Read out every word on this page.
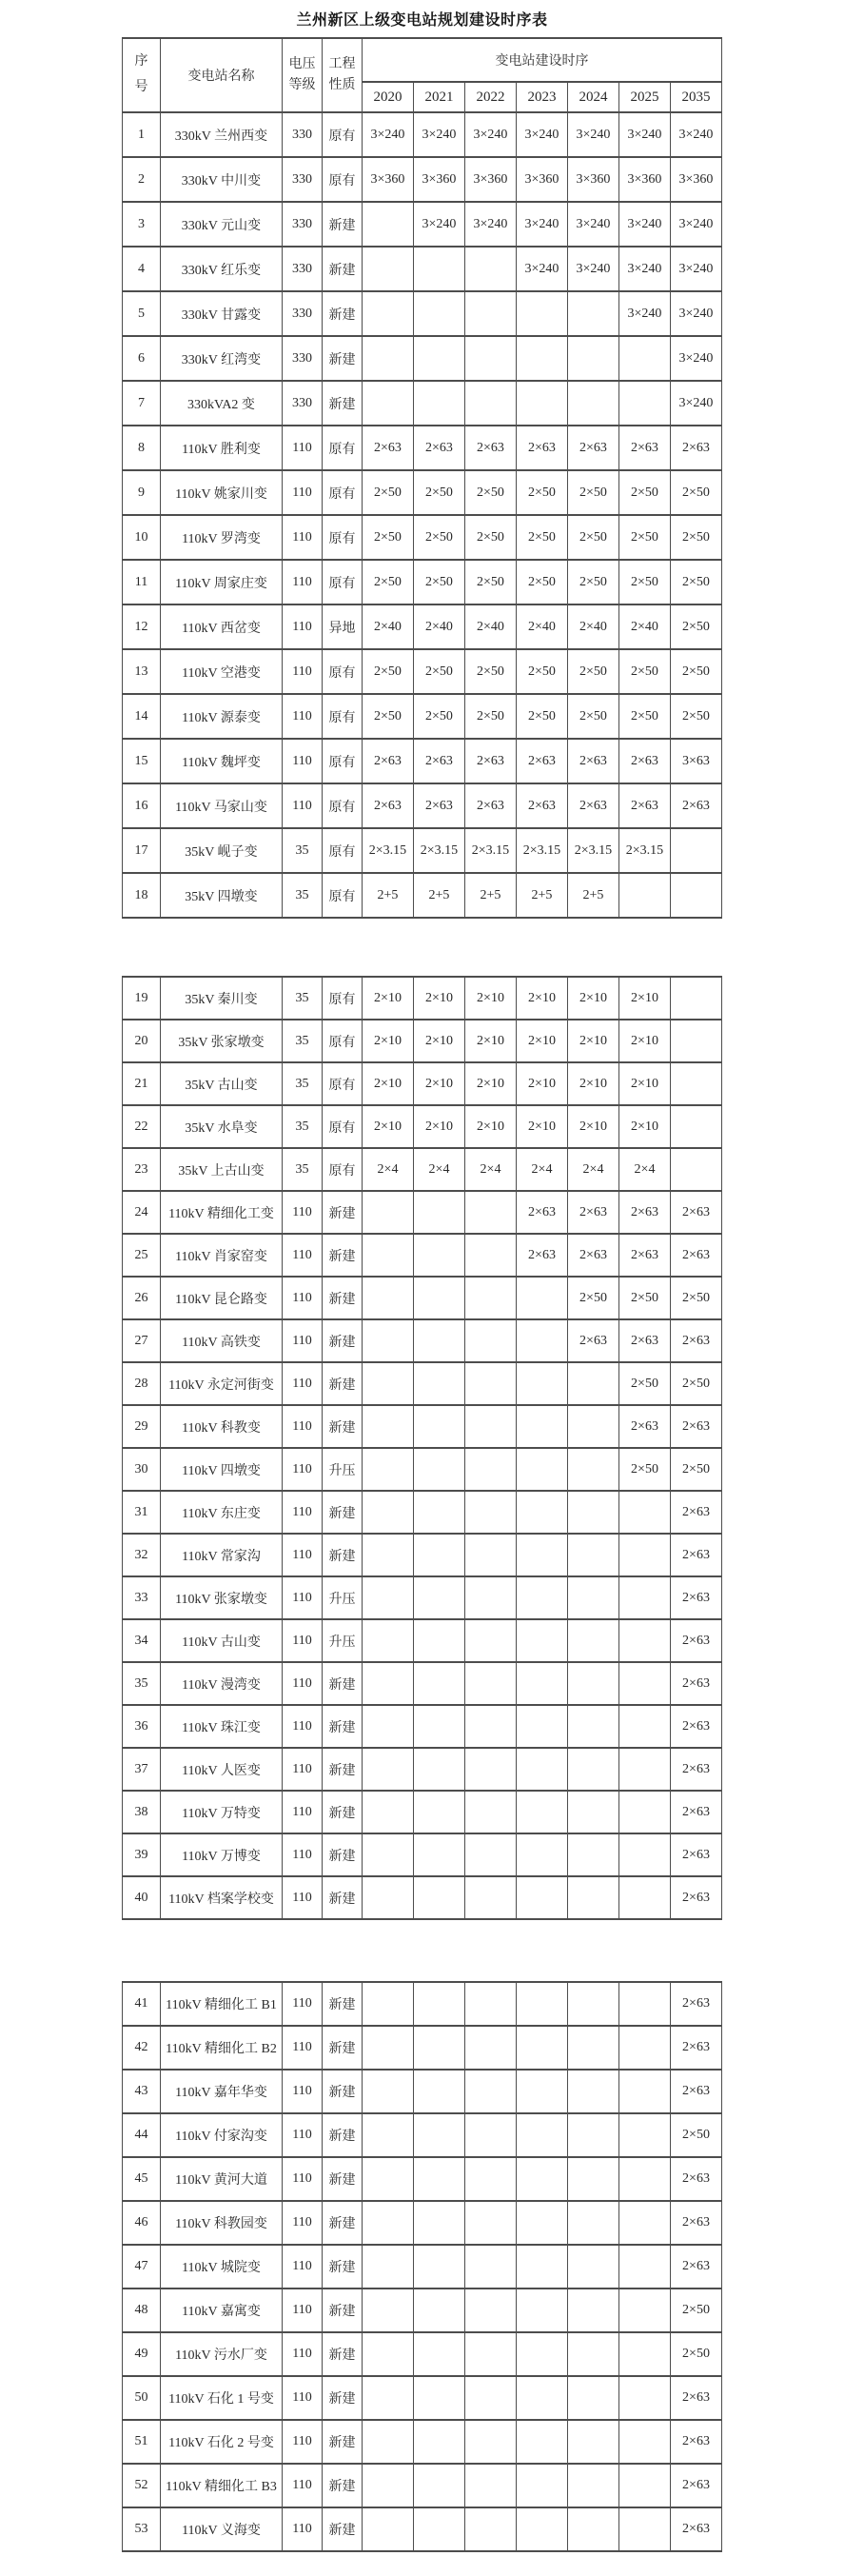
兰州新区上级变电站规划建设时序表
序号	变电站名称	电压等级	工程性质	变电站建设时序						
				2020	2021	2022	2023	2024	2025	2035
1	330kV 兰州西变	330	原有	3×240	3×240	3×240	3×240	3×240	3×240	3×240
2	330kV 中川变	330	原有	3×360	3×360	3×360	3×360	3×360	3×360	3×360
3	330kV 元山变	330	新建		3×240	3×240	3×240	3×240	3×240	3×240
4	330kV 红乐变	330	新建				3×240	3×240	3×240	3×240
5	330kV 甘露变	330	新建						3×240	3×240
6	330kV 红湾变	330	新建							3×240
7	330kVA2 变	330	新建							3×240
8	110kV 胜利变	110	原有	2×63	2×63	2×63	2×63	2×63	2×63	2×63
9	110kV 姚家川变	110	原有	2×50	2×50	2×50	2×50	2×50	2×50	2×50
10	110kV 罗湾变	110	原有	2×50	2×50	2×50	2×50	2×50	2×50	2×50
11	110kV 周家庄变	110	原有	2×50	2×50	2×50	2×50	2×50	2×50	2×50
12	110kV 西岔变	110	异地	2×40	2×40	2×40	2×40	2×40	2×40	2×50
13	110kV 空港变	110	原有	2×50	2×50	2×50	2×50	2×50	2×50	2×50
14	110kV 源泰变	110	原有	2×50	2×50	2×50	2×50	2×50	2×50	2×50
15	110kV 魏坪变	110	原有	2×63	2×63	2×63	2×63	2×63	2×63	3×63
16	110kV 马家山变	110	原有	2×63	2×63	2×63	2×63	2×63	2×63	2×63
17	35kV 岘子变	35	原有	2×3.15	2×3.15	2×3.15	2×3.15	2×3.15	2×3.15	
18	35kV 四墩变	35	原有	2+5	2+5	2+5	2+5	2+5		
19	35kV 秦川变	35	原有	2×10	2×10	2×10	2×10	2×10	2×10	
20	35kV 张家墩变	35	原有	2×10	2×10	2×10	2×10	2×10	2×10	
21	35kV 古山变	35	原有	2×10	2×10	2×10	2×10	2×10	2×10	
22	35kV 水阜变	35	原有	2×10	2×10	2×10	2×10	2×10	2×10	
23	35kV 上古山变	35	原有	2×4	2×4	2×4	2×4	2×4	2×4	
24	110kV 精细化工变	110	新建				2×63	2×63	2×63	2×63
25	110kV 肖家窑变	110	新建				2×63	2×63	2×63	2×63
26	110kV 昆仑路变	110	新建					2×50	2×50	2×50
27	110kV 高铁变	110	新建					2×63	2×63	2×63
28	110kV 永定河街变	110	新建						2×50	2×50
29	110kV 科教变	110	新建						2×63	2×63
30	110kV 四墩变	110	升压						2×50	2×50
31	110kV 东庄变	110	新建							2×63
32	110kV 常家沟	110	新建							2×63
33	110kV 张家墩变	110	升压							2×63
34	110kV 古山变	110	升压							2×63
35	110kV 漫湾变	110	新建							2×63
36	110kV 珠江变	110	新建							2×63
37	110kV 人医变	110	新建							2×63
38	110kV 万特变	110	新建							2×63
39	110kV 万博变	110	新建							2×63
40	110kV 档案学校变	110	新建							2×63
41	110kV 精细化工 B1	110	新建							2×63
42	110kV 精细化工 B2	110	新建							2×63
43	110kV 嘉年华变	110	新建							2×63
44	110kV 付家沟变	110	新建							2×50
45	110kV 黄河大道	110	新建							2×63
46	110kV 科教园变	110	新建							2×63
47	110kV 城院变	110	新建							2×63
48	110kV 嘉寓变	110	新建							2×50
49	110kV 污水厂变	110	新建							2×50
50	110kV 石化 1 号变	110	新建							2×63
51	110kV 石化 2 号变	110	新建							2×63
52	110kV 精细化工 B3	110	新建							2×63
53	110kV 义海变	110	新建							2×63
